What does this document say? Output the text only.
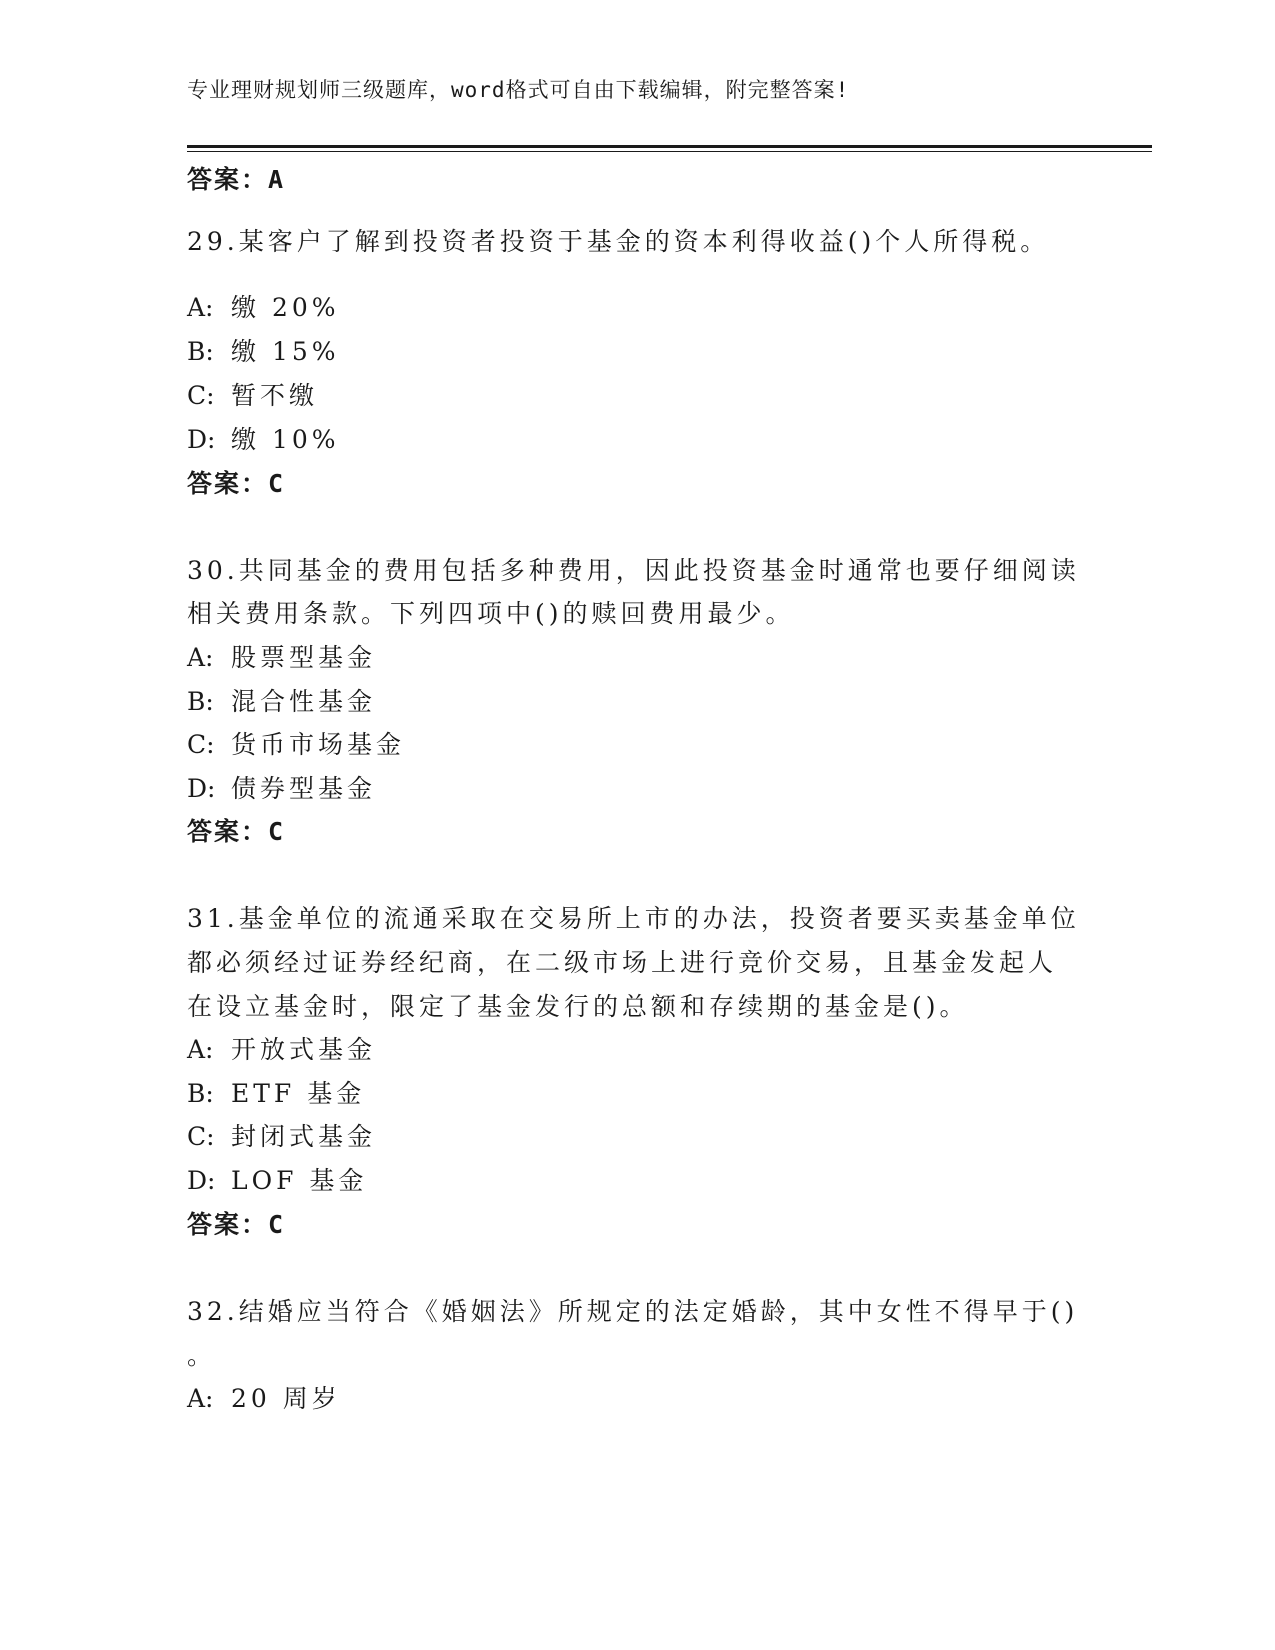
专业理财规划师三级题库，word格式可自由下载编辑，附完整答案!
答案：A
29.某客户了解到投资者投资于基金的资本利得收益()个人所得税。
A: 缴 20%
B: 缴 15%
C: 暂不缴
D: 缴 10%
答案：C
30.共同基金的费用包括多种费用，因此投资基金时通常也要仔细阅读
相关费用条款。下列四项中()的赎回费用最少。
A: 股票型基金
B: 混合性基金
C: 货币市场基金
D: 债券型基金
答案：C
31.基金单位的流通采取在交易所上市的办法，投资者要买卖基金单位
都必须经过证券经纪商，在二级市场上进行竞价交易，且基金发起人
在设立基金时，限定了基金发行的总额和存续期的基金是()。
A: 开放式基金
B: ETF 基金
C: 封闭式基金
D: LOF 基金
答案：C
32.结婚应当符合《婚姻法》所规定的法定婚龄，其中女性不得早于()
。
A: 20 周岁
